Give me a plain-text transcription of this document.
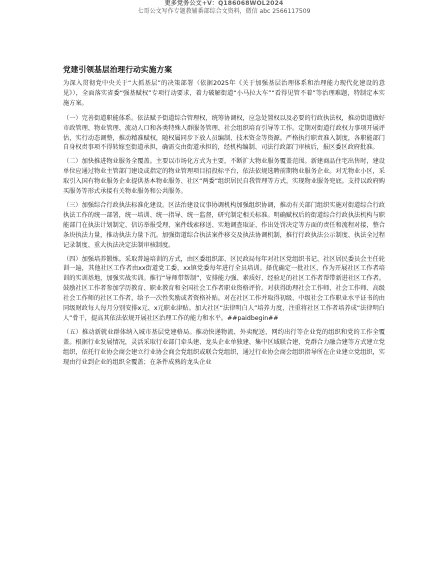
更多党务公文+V：Q186068WOL2024
七哥公文写作专题教辅番部综合文资料，微信 abc 2566117509
党建引领基层治理行动实施方案

为深入贯彻党中央关于“大抓基层”的决策部署（依据2025年《关于加强基层治理体系和治理能力现代化建设的意见》），全面落实省委“强基赋权”专项行动要求，着力破解街道“小马拉大车”“看得见管不着”等治理难题，特制定本实施方案。

（一）完善街道职能体系。依法赋予街道综合管理权，统筹协调权，应急处置权以及必要的行政执法权，推动街道做好市政管理、物业管理、流动人口和各类特殊人群服务管理、社会组织培育引导等工作。定期对街道行政权力事项开展评估，实行动态调整，推动精准赋权，随权属同步下放人员编制、技术资金等资源。严格执行职责准入制度，各职能部门自身权责事项不得转嫁至街道承担，确需交由街道承担的，经机构编制、司法行政部门审核后，报区委区政府批准。

（二）加快推进物业服务全覆盖。主要以市场化方式为主要，不断扩大物业服务覆盖范围。新建商品住宅出售时，建设单位应通过物业主管部门建设或指定的物业管理项目招投标平台，依法依规选聘前期物业服务企业。对无物业小区，采取引入国有物业服务企业提供基本物业服务、社区“两委”组织居民自我管理等方式，实现物业服务兜底。支持以政府购买服务等形式承接有关物业服务和公共服务。

（三）加强综合行政执法标准化建设。区法治建设议事协调机构加强组织协调，推动有关部门组织实施对街道综合行政执法工作的统一部署，统一培训、统一指导、统一监督，研究制定相关标准。明确赋权后的街道综合行政执法机构与职能部门在执法计划制定、信访举报受理、案件线索移送、实地调查取证、作出处罚决定等方面的责任和流程对接，整合条块执法力量，推动执法力量下沉。加强街道综合执法案件移交及执法协调机制，推行行政执法公示制度、执法全过程记录制度、重大执法决定法制审核制度。

（四）加强培养锻炼。采取普遍培训的方式，由区委组织部、区民政局每年对社区党组织书记、社区居民委员会主任轮训一遍，其他社区工作者由xx街道党工委、xx镇党委每年进行全员培训。择优确定一批社区，作为开展社区工作者培训的实训基地，加强实战实训。推行“导师带帮制”，安排能力强、素质好、经验足的社区工作者帮带新进社区工作者。鼓励社区工作者参加学历教育、职业教育和全国社会工作者职业资格评价。对获得助理社会工作师、社会工作师、高级社会工作师的社区工作者，给予一次性奖励或者资格补贴。对在社区工作并取得初级、中级社会工作职业水平证书的由同级财政每人每月分别安排x元、x元职业津贴。加大社区“法律明白人”培养力度，注重将社区工作者培养成“法律明白人”骨干，提高其依法依规开展社区治理工作的能力和水平。##paidbegin##

（五）推动新就业群体纳入城市基层党建格局。推动快递物流、外卖配送、网约出行等企业党的组织和党的工作全覆盖。根据行业发展情况，灵活采取行业部门牵头建、龙头企业单独建、集中区域联合建、党群合力融合建等方式建立党组织，依托行业协会商会建立行业协会商会党组织或联合党组织，通过行业协会商会组织指导所在企业建立党组织，实现由行业到企业的组织全覆盖；在条件成熟的龙头企业
